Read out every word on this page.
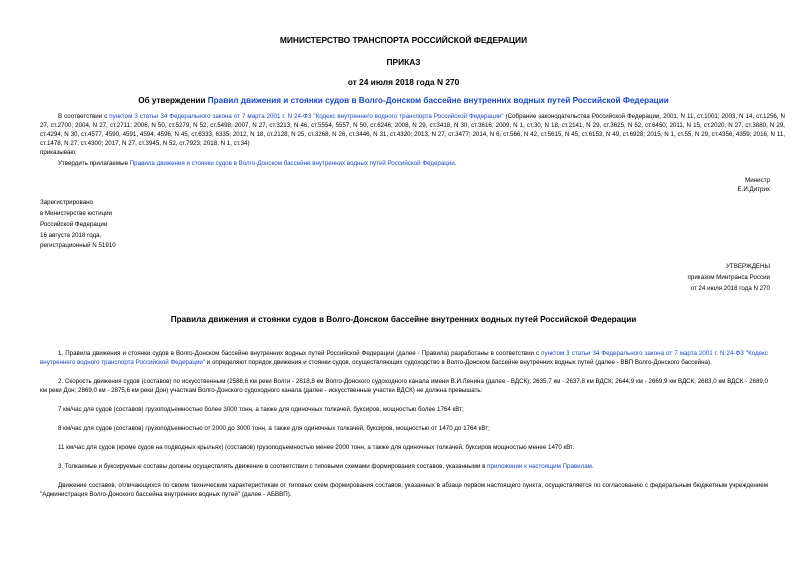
МИНИСТЕРСТВО ТРАНСПОРТА РОССИЙСКОЙ ФЕДЕРАЦИИ
ПРИКАЗ
от 24 июля 2018 года N 270
Об утверждении Правил движения и стоянки судов в Волго-Донском бассейне внутренних водных путей Российской Федерации

В соответствии с пунктом 3 статьи 34 Федерального закона от 7 марта 2001 г. N 24-ФЗ "Кодекс внутреннего водного транспорта Российской Федерации" (Собрание законодательства Российской Федерации, 2001, N 11, ст.1001; 2003, N 14, ст.1256, N 27, ст.2700; 2004, N 27, ст.2711; 2006, N 50, ст.5279, N 52, ст.5498; 2007, N 27, ст.3213, N 46, ст.5554, 5557, N 50, ст.6246; 2008, N 29, ст.3418, N 30, ст.3616; 2009, N 1, ст.30, N 18, ст.2141, N 29, ст.3625, N 52, ст.6450; 2011, N 15, ст.2020, N 27, ст.3880, N 29, ст.4294, N 30, ст.4577, 4590, 4591, 4594, 4596, N 45, ст.6333, 6335; 2012, N 18, ст.2128, N 25, ст.3268, N 26, ст.3446, N 31, ст.4320; 2013, N 27, ст.3477; 2014, N 6, ст.566, N 42, ст.5615, N 45, ст.6153, N 49, ст.6928; 2015, N 1, ст.55, N 29, ст.4356, 4359; 2016, N 11, ст.1478, N 27, ст.4300; 2017, N 27, ст.3945, N 52, ст.7923; 2018, N 1, ст.34)

приказываю:

Утвердить прилагаемые Правила движения и стоянки судов в Волго-Донском бассейне внутренних водных путей Российской Федерации.

Министр

Е.И.Дитрих

Зарегистрировано

в Министерстве юстиции

Российской Федерации

16 августа 2018 года,

регистрационный N 51910

УТВЕРЖДЕНЫ

приказом Минтранса России

от 24 июля 2018 года N 270

Правила движения и стоянки судов в Волго-Донском бассейне внутренних водных путей Российской Федерации

1. Правила движения и стоянки судов в Волго-Донском бассейне внутренних водных путей Российской Федерации (далее - Правила) разработаны в соответствии с пунктом 3 статьи 34 Федерального закона от 7 марта 2001 г. N 24-ФЗ "Кодекс внутреннего водного транспорта Российской Федерации" и определяют порядок движения и стоянки судов, осуществляющих судоходство в Волго-Донском бассейне внутренних водных путей (далее - ВВП Волго-Донского бассейна).

2. Скорость движения судов (составов) по искусственным (2588,6 км реки Волги - 2618,8 км Волго-Донского судоходного канала имени В.И.Ленина (далее - ВДСК); 2635,7 км - 2637,8 км ВДСК; 2644,9 км - 2669,9 км ВДСК; 2683,0 км ВДСК - 2689,0 км реки Дон; 2869,0 км - 2875,6 км реки Дон) участкам Волго-Донского судоходного канала (далее - искусственные участки ВДСК) не должна превышать:

7 км/час для судов (составов) грузоподъемностью более 3000 тонн, а также для одиночных толкачей, буксиров, мощностью более 1764 кВт;

8 км/час для судов (составов) грузоподъемностью от 2000 до 3000 тонн, а также для одиночных толкачей, буксиров, мощностью от 1470 до 1764 кВт;

11 км/час для судов (кроме судов на подводных крыльях) (составов) грузоподъемностью менее 2000 тонн, а также для одиночных толкачей, буксиров мощностью менее 1470 кВт.

3. Толкаемые и буксируемые составы должны осуществлять движение в соответствии с типовыми схемами формирования составов, указанными в приложении к настоящим Правилам.

Движение составов, отличающихся по своим техническим характеристикам от типовых схем формирования составов, указанных в абзаце первом настоящего пункта, осуществляется по согласованию с федеральным бюджетным учреждением "Администрация Волго-Донского бассейна внутренних водных путей" (далее - АБВВП).
